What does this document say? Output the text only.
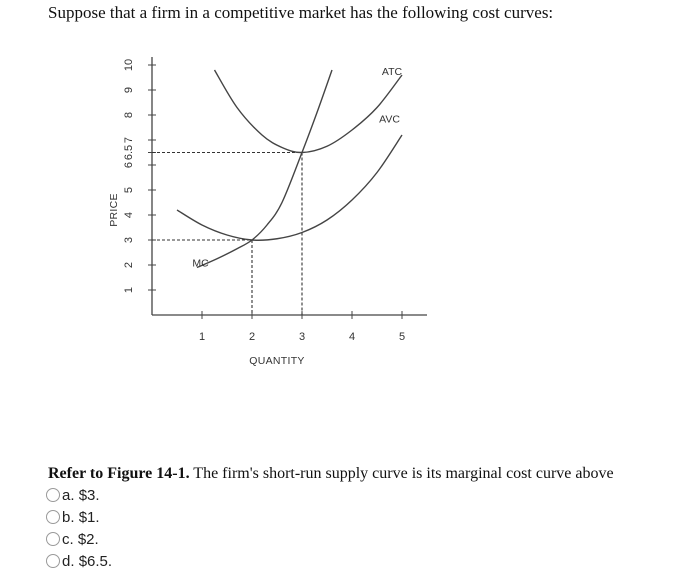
Suppose that a firm in a competitive market has the following cost curves:
1
2
3
4
5
6
6.5
7
8
9
10
1	2	3	4	5
QUANTITY
PRICE
ATC
AVC
MC
Refer to Figure 14-1. The firm's short-run supply curve is its marginal cost curve above
a.
$3.
b.
$1.
c.
$2.
d.
$6.5.
